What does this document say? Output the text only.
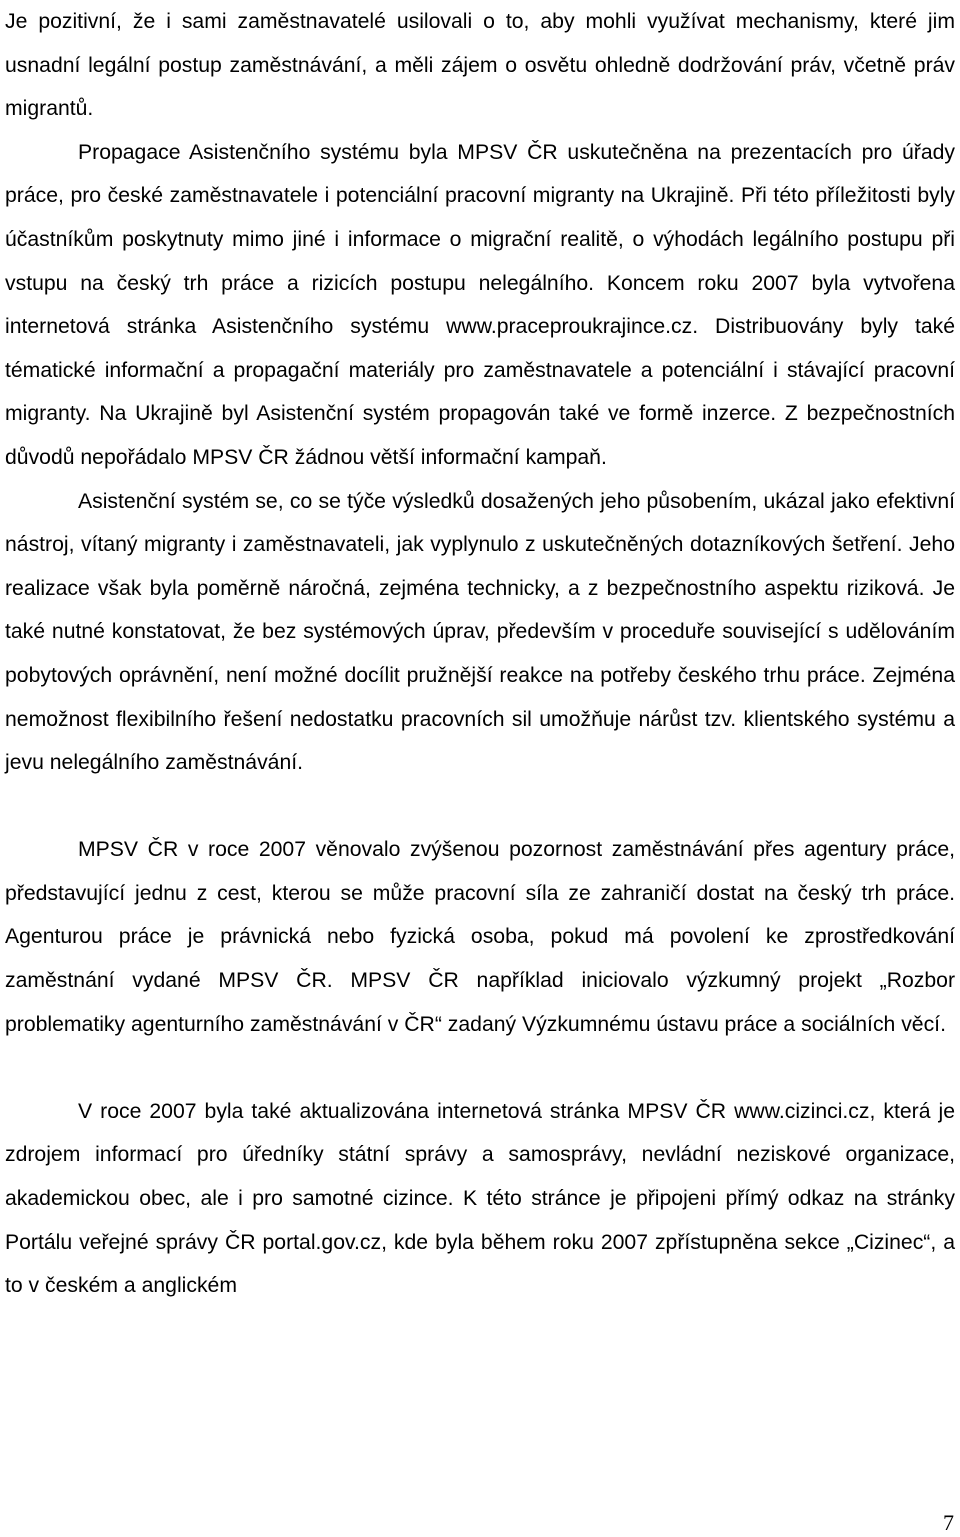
Je pozitivní, že i sami zaměstnavatelé usilovali o to, aby mohli využívat mechanismy, které jim usnadní legální postup zaměstnávání, a měli zájem o osvětu ohledně dodržování práv, včetně práv migrantů.

Propagace Asistenčního systému byla MPSV ČR uskutečněna na prezentacích pro úřady práce, pro české zaměstnavatele i potenciální pracovní migranty na Ukrajině. Při této příležitosti byly účastníkům poskytnuty mimo jiné i informace o migrační realitě, o výhodách legálního postupu při vstupu na český trh práce a rizicích postupu nelegálního. Koncem roku 2007 byla vytvořena internetová stránka Asistenčního systému www.praceproukrajince.cz. Distribuovány byly také tématické informační a propagační materiály pro zaměstnavatele a potenciální i stávající pracovní migranty. Na Ukrajině byl Asistenční systém propagován také ve formě inzerce. Z bezpečnostních důvodů nepořádalo MPSV ČR žádnou větší informační kampaň.

Asistenční systém se, co se týče výsledků dosažených jeho působením, ukázal jako efektivní nástroj, vítaný migranty i zaměstnavateli, jak vyplynulo z uskutečněných dotazníkových šetření. Jeho realizace však byla poměrně náročná, zejména technicky, a z bezpečnostního aspektu riziková. Je také nutné konstatovat, že bez systémových úprav, především v proceduře související s udělováním pobytových oprávnění, není možné docílit pružnější reakce na potřeby českého trhu práce. Zejména nemožnost flexibilního řešení nedostatku pracovních sil umožňuje nárůst tzv. klientského systému a jevu nelegálního zaměstnávání.

MPSV ČR v roce 2007 věnovalo zvýšenou pozornost zaměstnávání přes agentury práce, představující jednu z cest, kterou se může pracovní síla ze zahraničí dostat na český trh práce. Agenturou práce je právnická nebo fyzická osoba, pokud má povolení ke zprostředkování zaměstnání vydané MPSV ČR. MPSV ČR například iniciovalo výzkumný projekt „Rozbor problematiky agenturního zaměstnávání v ČR“ zadaný Výzkumnému ústavu práce a sociálních věcí.

V roce 2007 byla také aktualizována internetová stránka MPSV ČR www.cizinci.cz, která je zdrojem informací pro úředníky státní správy a samosprávy, nevládní neziskové organizace, akademickou obec, ale i pro samotné cizince. K této stránce je připojeni přímý odkaz na stránky Portálu veřejné správy ČR portal.gov.cz, kde byla během roku 2007 zpřístupněna sekce „Cizinec“, a to v českém a anglickém

7
